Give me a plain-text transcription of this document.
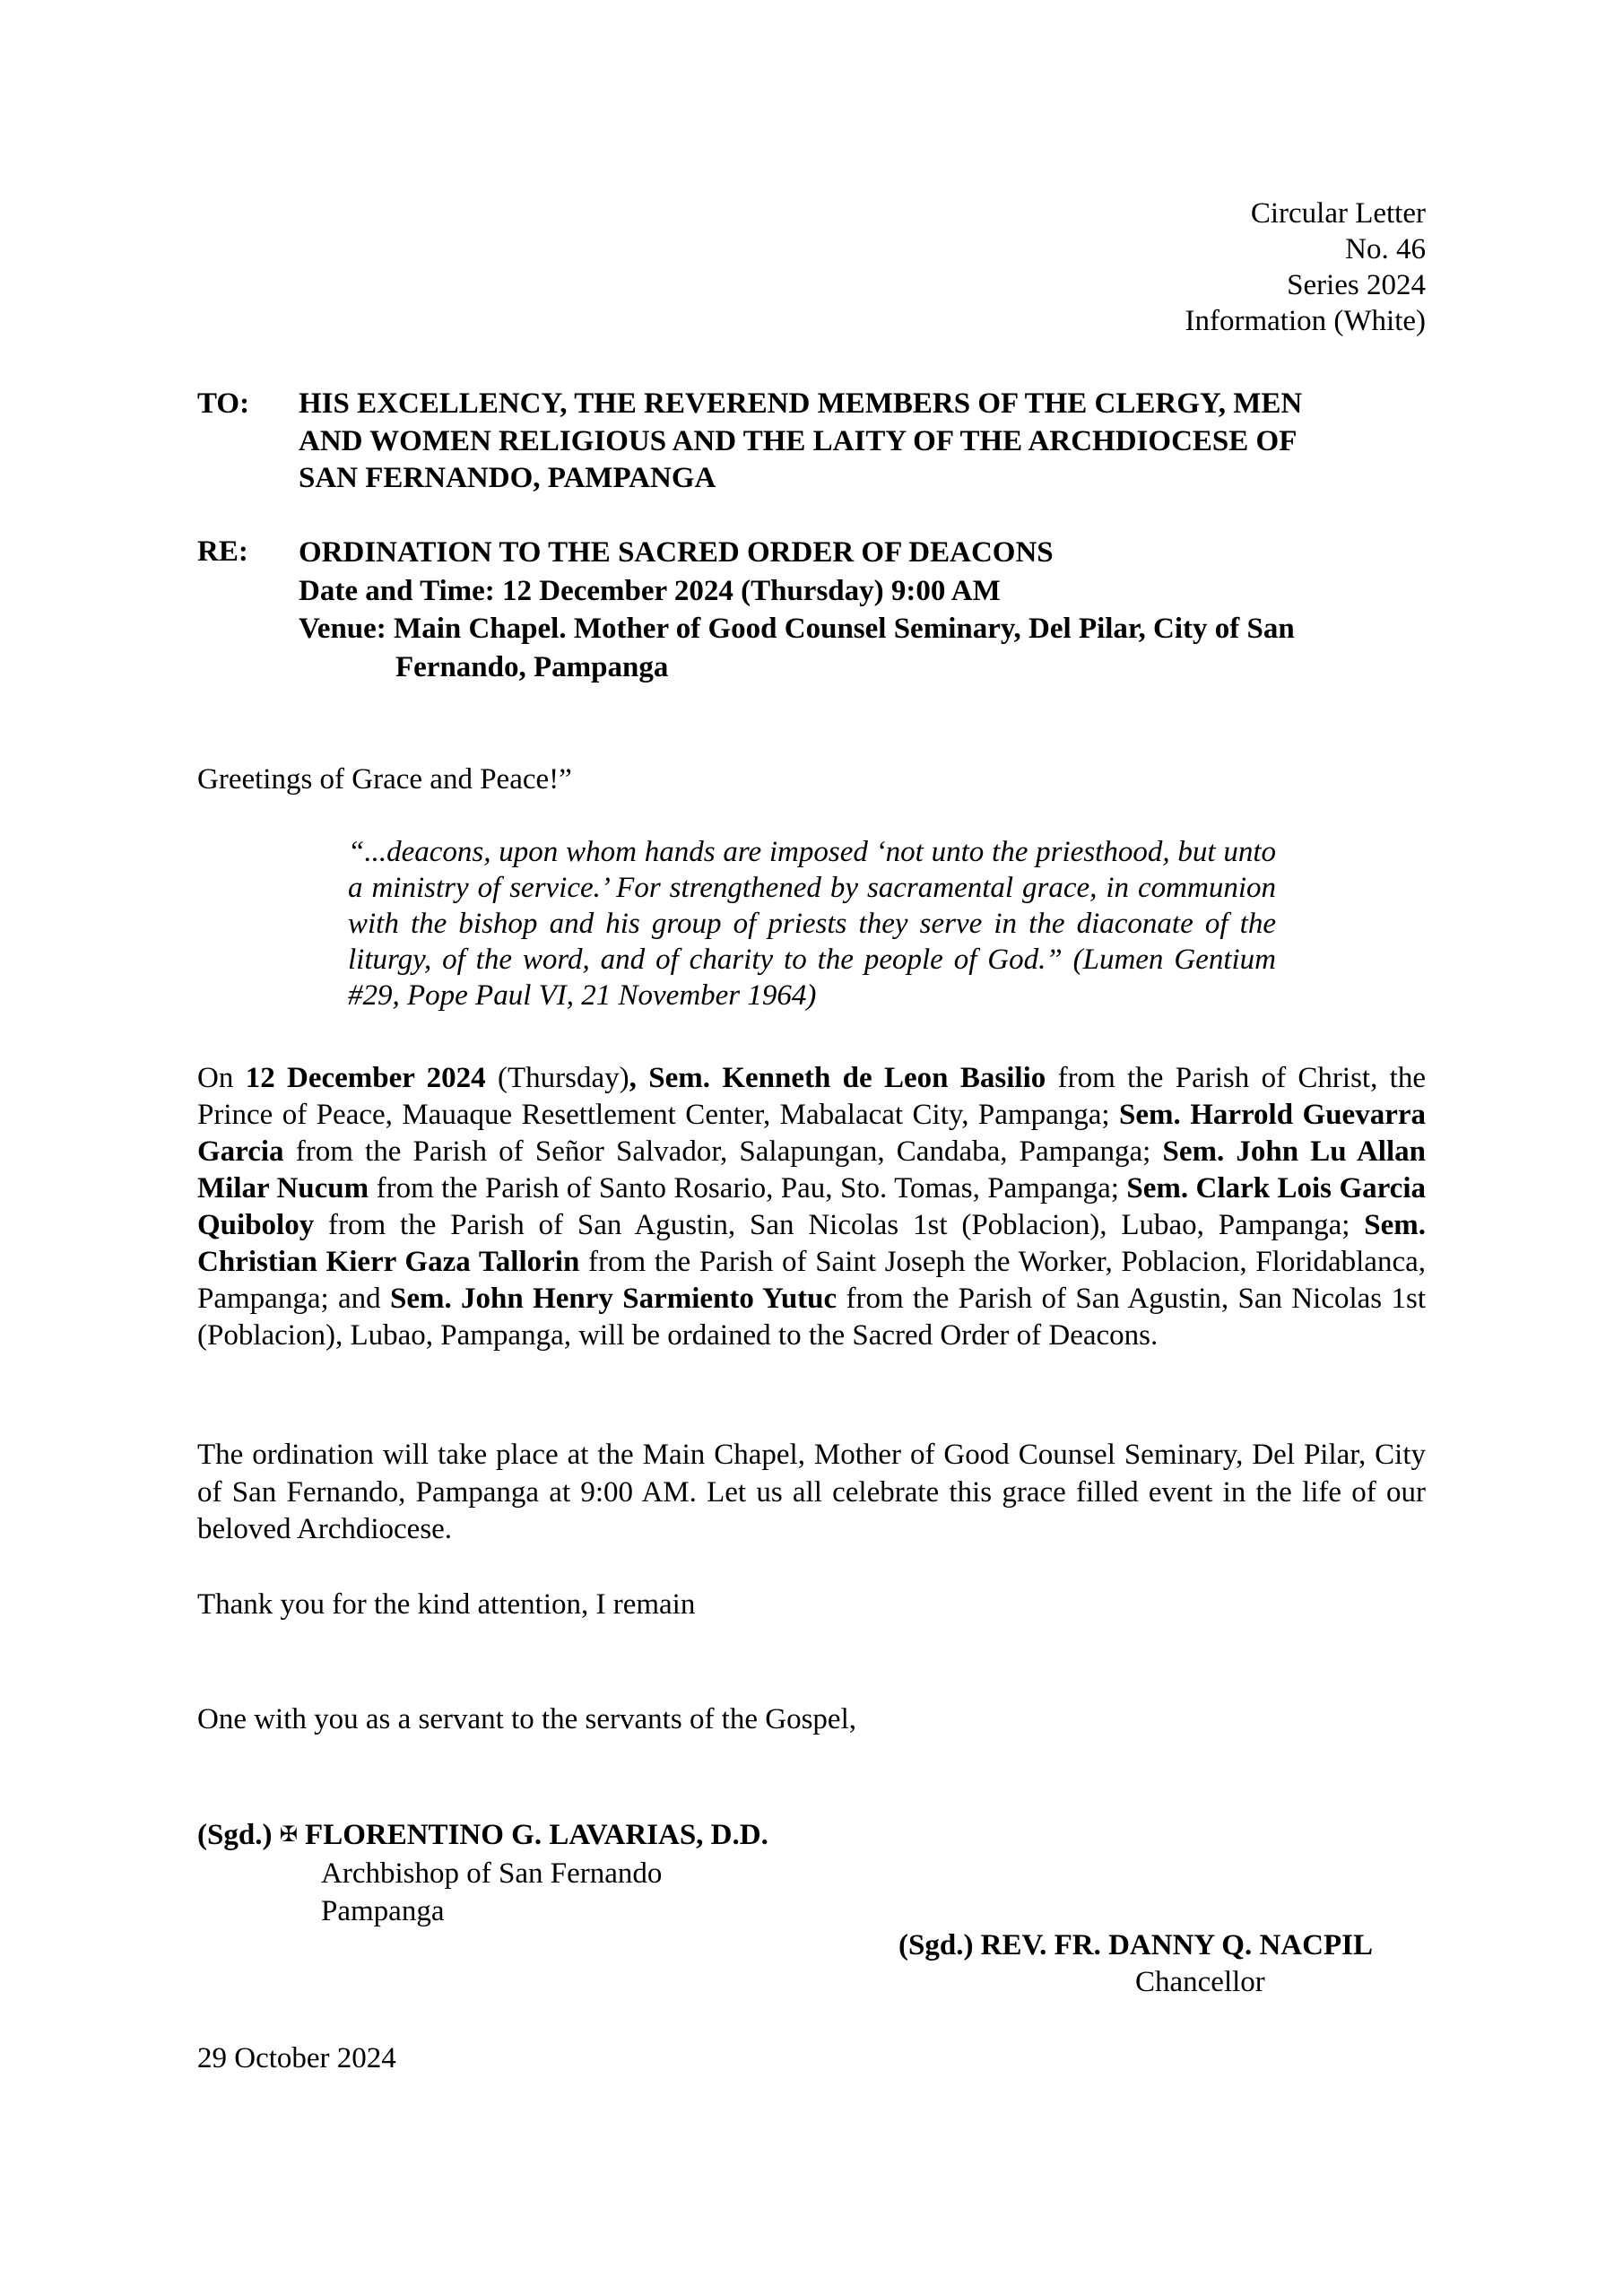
Circular Letter
No. 46
Series 2024
Information (White)
TO: HIS EXCELLENCY, THE REVEREND MEMBERS OF THE CLERGY, MEN
AND WOMEN RELIGIOUS AND THE LAITY OF THE ARCHDIOCESE OF
SAN FERNANDO, PAMPANGA
RE: ORDINATION TO THE SACRED ORDER OF DEACONS
Date and Time: 12 December 2024 (Thursday) 9:00 AM
Venue: Main Chapel. Mother of Good Counsel Seminary, Del Pilar, City of San
Fernando, Pampanga
Greetings of Grace and Peace!”
“...deacons, upon whom hands are imposed ‘not unto the priesthood, but unto a ministry of service.’ For strengthened by sacramental grace, in communion with the bishop and his group of priests they serve in the diaconate of the liturgy, of the word, and of charity to the people of God.” (Lumen Gentium #29, Pope Paul VI, 21 November 1964)
On 12 December 2024 (Thursday), Sem. Kenneth de Leon Basilio from the Parish of Christ, the Prince of Peace, Mauaque Resettlement Center, Mabalacat City, Pampanga; Sem. Harrold Guevarra Garcia from the Parish of Señor Salvador, Salapungan, Candaba, Pampanga; Sem. John Lu Allan Milar Nucum from the Parish of Santo Rosario, Pau, Sto. Tomas, Pampanga; Sem. Clark Lois Garcia Quiboloy from the Parish of San Agustin, San Nicolas 1st (Poblacion), Lubao, Pampanga; Sem. Christian Kierr Gaza Tallorin from the Parish of Saint Joseph the Worker, Poblacion, Floridablanca, Pampanga; and Sem. John Henry Sarmiento Yutuc from the Parish of San Agustin, San Nicolas 1st (Poblacion), Lubao, Pampanga, will be ordained to the Sacred Order of Deacons.
The ordination will take place at the Main Chapel, Mother of Good Counsel Seminary, Del Pilar, City of San Fernando, Pampanga at 9:00 AM. Let us all celebrate this grace filled event in the life of our beloved Archdiocese.
Thank you for the kind attention, I remain
One with you as a servant to the servants of the Gospel,
(Sgd.) ✠ FLORENTINO G. LAVARIAS, D.D.
Archbishop of San Fernando
Pampanga
(Sgd.) REV. FR. DANNY Q. NACPIL
Chancellor
29 October 2024
